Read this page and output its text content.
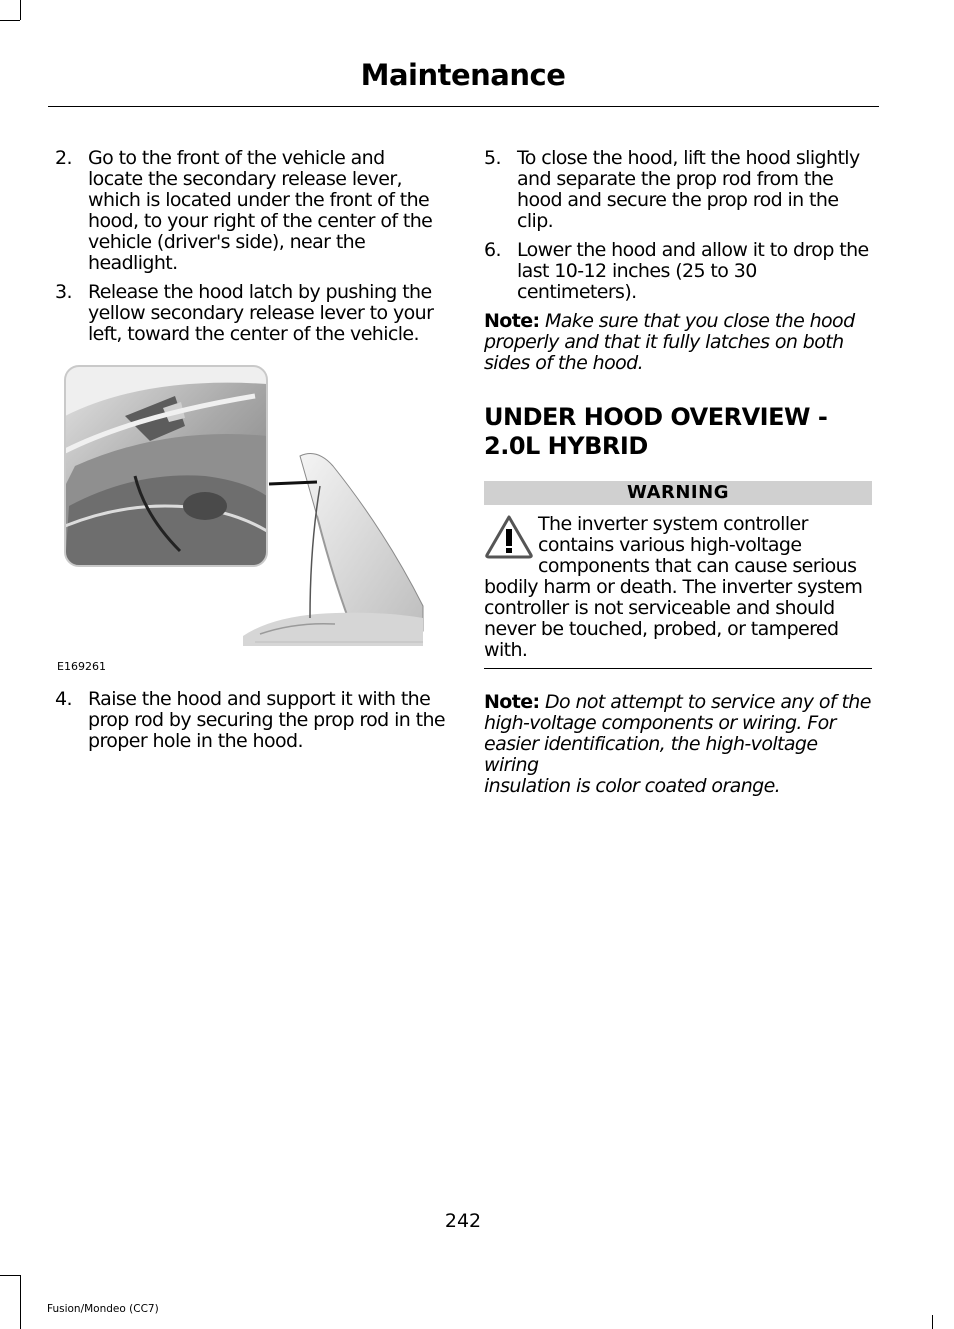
Maintenance
2. Go to the front of the vehicle and
locate the secondary release lever,
which is located under the front of the
hood, to your right of the center of the
vehicle (driver's side), near the
headlight.
3. Release the hood latch by pushing the
yellow secondary release lever to your
left, toward the center of the vehicle.
E169261
4. Raise the hood and support it with the
prop rod by securing the prop rod in the
proper hole in the hood.
5. To close the hood, lift the hood slightly
and separate the prop rod from the
hood and secure the prop rod in the
clip.
6. Lower the hood and allow it to drop the
last 10-12 inches (25 to 30
centimeters).
Note: Make sure that you close the hood
properly and that it fully latches on both
sides of the hood.
UNDER HOOD OVERVIEW -
2.0L HYBRID
WARNING
The inverter system controller
contains various high-voltage
components that can cause serious
bodily harm or death. The inverter system
controller is not serviceable and should
never be touched, probed, or tampered
with.
Note: Do not attempt to service any of the
high-voltage components or wiring. For
easier identification, the high-voltage wiring
insulation is color coated orange.
242
Fusion/Mondeo (CC7)
